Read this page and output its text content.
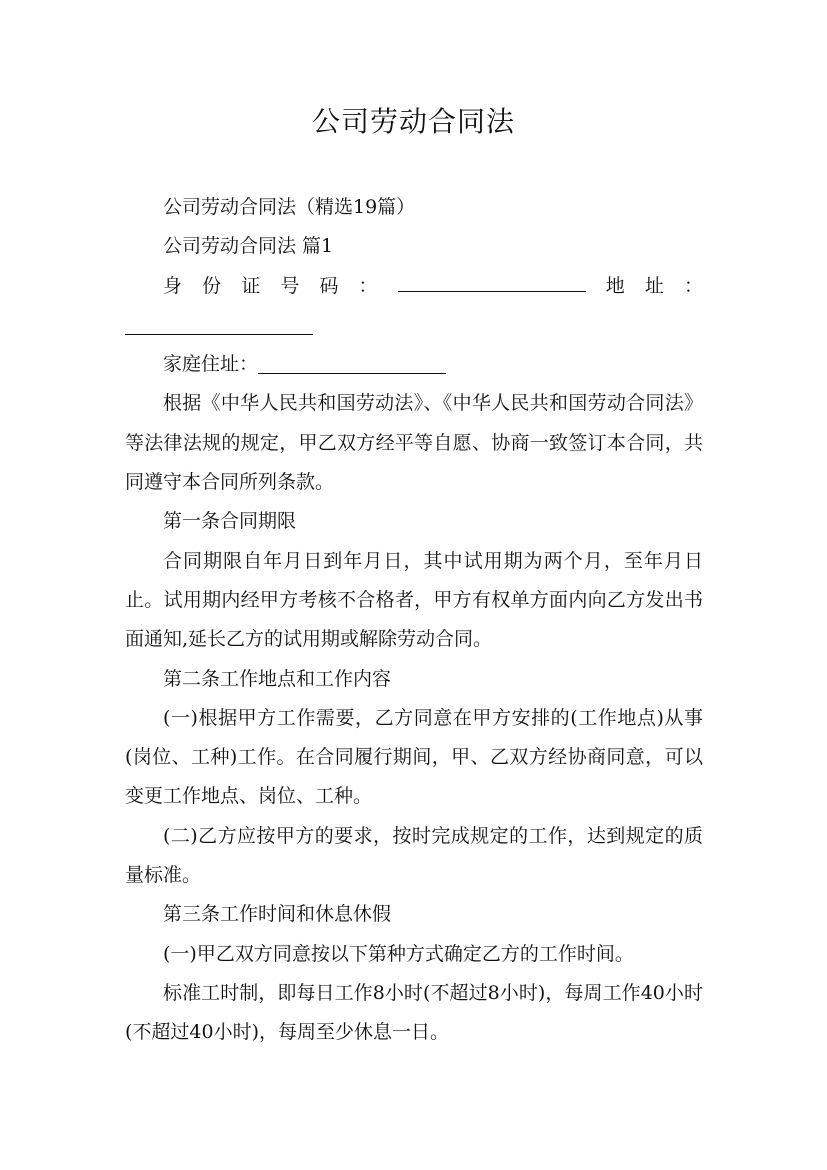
公司劳动合同法

公司劳动合同法（精选19篇）

公司劳动合同法 篇1

身 份 证 号 码 ：	地 址 ：

家庭住址：

根据《中华人民共和国劳动法》、《中华人民共和国劳动合同法》等法律法规的规定，甲乙双方经平等自愿、协商一致签订本合同，共同遵守本合同所列条款。

第一条合同期限

合同期限自年月日到年月日，其中试用期为两个月，至年月日止。试用期内经甲方考核不合格者，甲方有权单方面内向乙方发出书面通知,延长乙方的试用期或解除劳动合同。

第二条工作地点和工作内容

(一)根据甲方工作需要，乙方同意在甲方安排的(工作地点)从事(岗位、工种)工作。在合同履行期间，甲、乙双方经协商同意，可以变更工作地点、岗位、工种。

(二)乙方应按甲方的要求，按时完成规定的工作，达到规定的质量标准。

第三条工作时间和休息休假

(一)甲乙双方同意按以下第种方式确定乙方的工作时间。

标准工时制，即每日工作8小时(不超过8小时)，每周工作40小时(不超过40小时)，每周至少休息一日。
